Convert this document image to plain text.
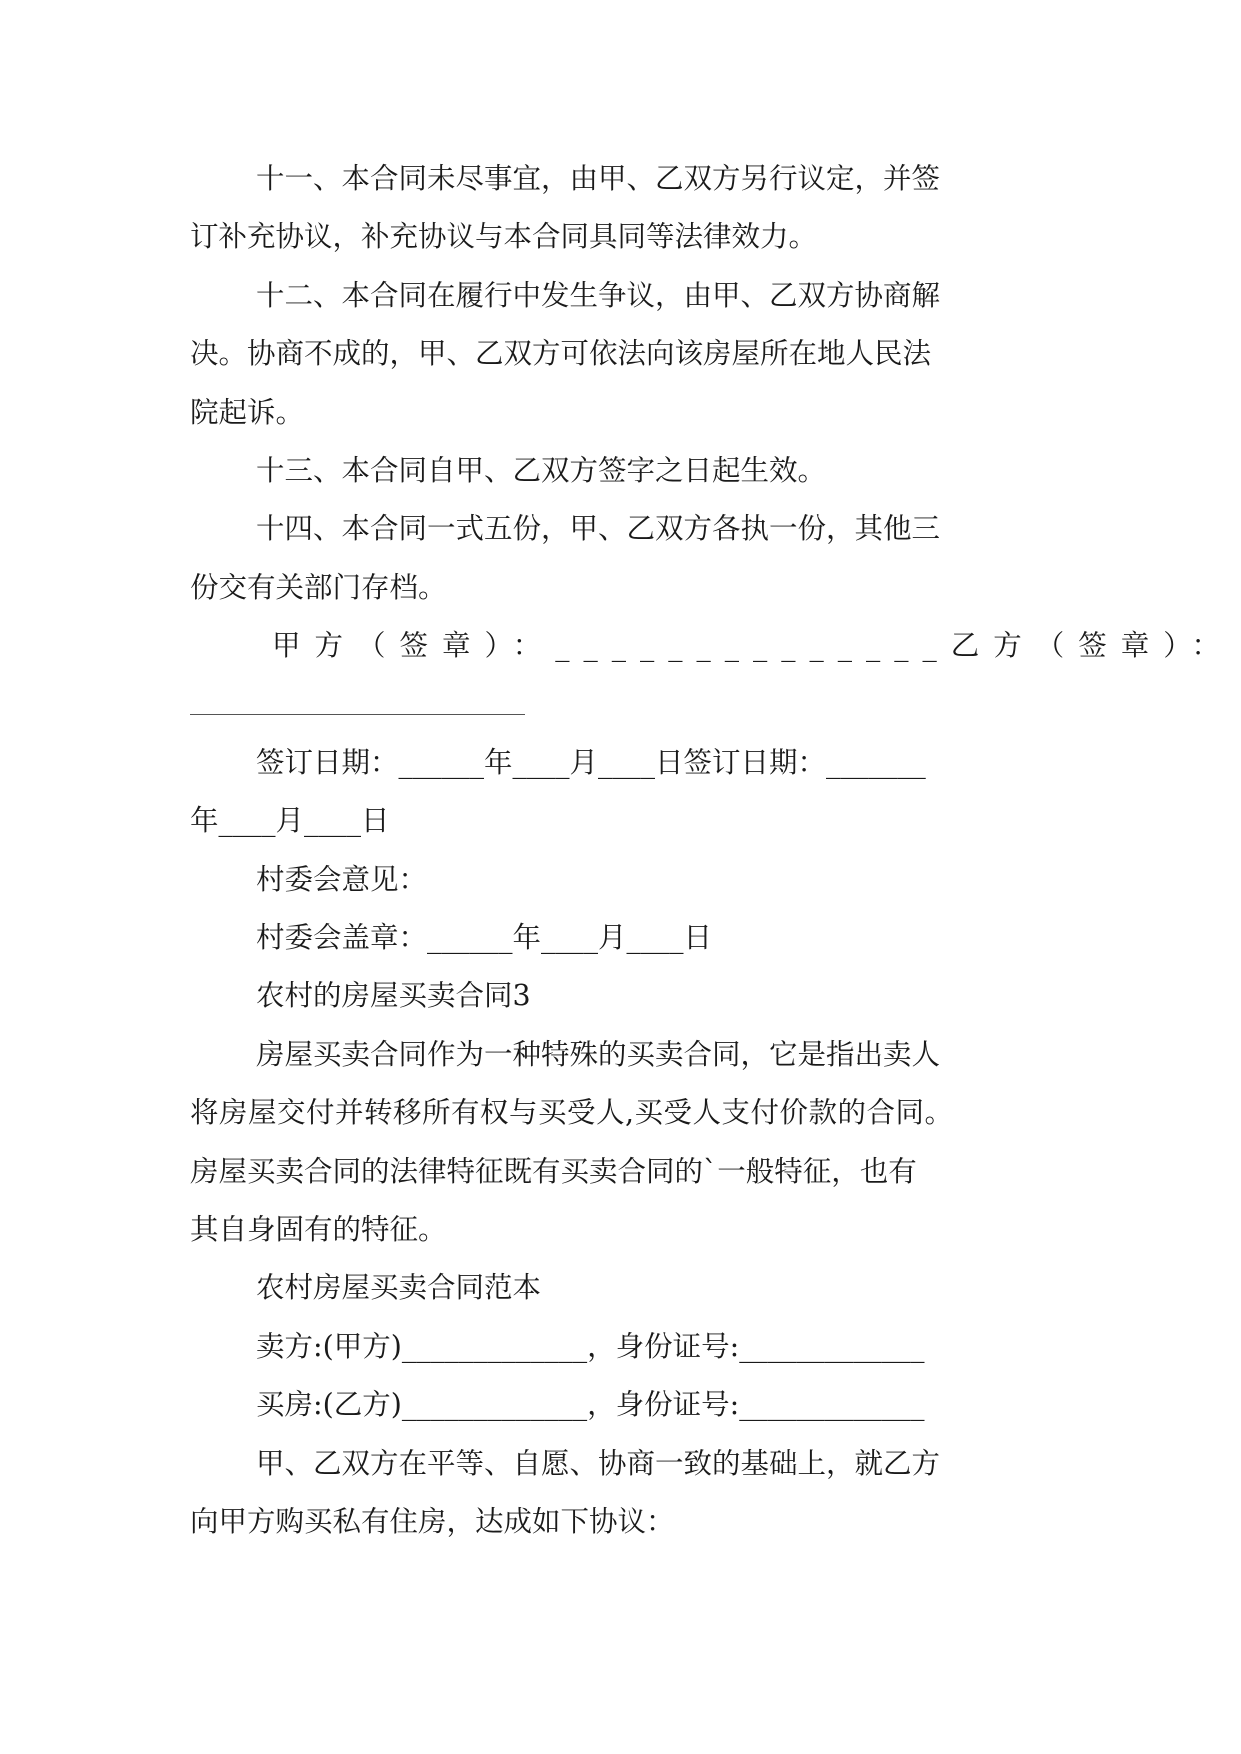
十一、本合同未尽事宜，由甲、乙双方另行议定，并签
订补充协议，补充协议与本合同具同等法律效力。
十二、本合同在履行中发生争议，由甲、乙双方协商解
决。协商不成的，甲、乙双方可依法向该房屋所在地人民法
院起诉。
十三、本合同自甲、乙双方签字之日起生效。
十四、本合同一式五份，甲、乙双方各执一份，其他三
份交有关部门存档。
甲方（签章）：______________乙方（签章）：
签订日期：______年____月____日签订日期：_______
年____月____日
村委会意见：
村委会盖章：______年____月____日
农村的房屋买卖合同3
房屋买卖合同作为一种特殊的买卖合同，它是指出卖人
将房屋交付并转移所有权与买受人,买受人支付价款的合同。
房屋买卖合同的法律特征既有买卖合同的`一般特征，也有
其自身固有的特征。
农村房屋买卖合同范本
卖方:(甲方)_____________，身份证号:_____________
买房:(乙方)_____________，身份证号:_____________
甲、乙双方在平等、自愿、协商一致的基础上，就乙方
向甲方购买私有住房，达成如下协议：
